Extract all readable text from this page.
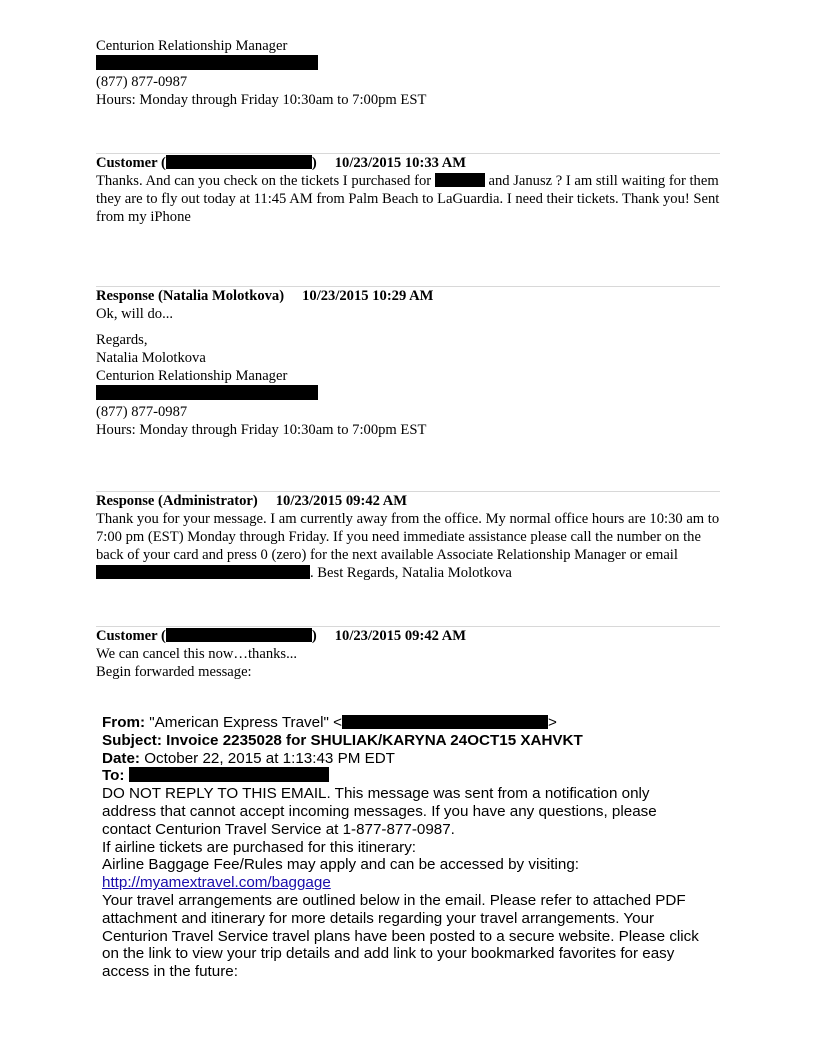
Centurion Relationship Manager
(877) 877-0987
Hours: Monday through Friday 10:30am to 7:00pm EST
Customer (	) 10/23/2015 10:33 AM
Thanks. And can you check on the tickets I purchased for	and Janusz ? I am still waiting for them they are to fly out today at 11:45 AM from Palm Beach to LaGuardia. I need their tickets. Thank you! Sent from my iPhone
Response (Natalia Molotkova) 10/23/2015 10:29 AM
Ok, will do...
Regards,
Natalia Molotkova
Centurion Relationship Manager
(877) 877-0987
Hours: Monday through Friday 10:30am to 7:00pm EST
Response (Administrator) 10/23/2015 09:42 AM
Thank you for your message. I am currently away from the office. My normal office hours are 10:30 am to 7:00 pm (EST) Monday through Friday. If you need immediate assistance please call the number on the back of your card and press 0 (zero) for the next available Associate Relationship Manager or email . Best Regards, Natalia Molotkova
Customer (	) 10/23/2015 09:42 AM
We can cancel this now…thanks...
Begin forwarded message:
From: "American Express Travel" <	>
Subject: Invoice 2235028 for SHULIAK/KARYNA 24OCT15 XAHVKT
Date: October 22, 2015 at 1:13:43 PM EDT
To:
DO NOT REPLY TO THIS EMAIL. This message was sent from a notification only address that cannot accept incoming messages. If you have any questions, please contact Centurion Travel Service at 1-877-877-0987.
If airline tickets are purchased for this itinerary:
Airline Baggage Fee/Rules may apply and can be accessed by visiting:
http://myamextravel.com/baggage
Your travel arrangements are outlined below in the email. Please refer to attached PDF attachment and itinerary for more details regarding your travel arrangements. Your Centurion Travel Service travel plans have been posted to a secure website. Please click on the link to view your trip details and add link to your bookmarked favorites for easy access in the future:
